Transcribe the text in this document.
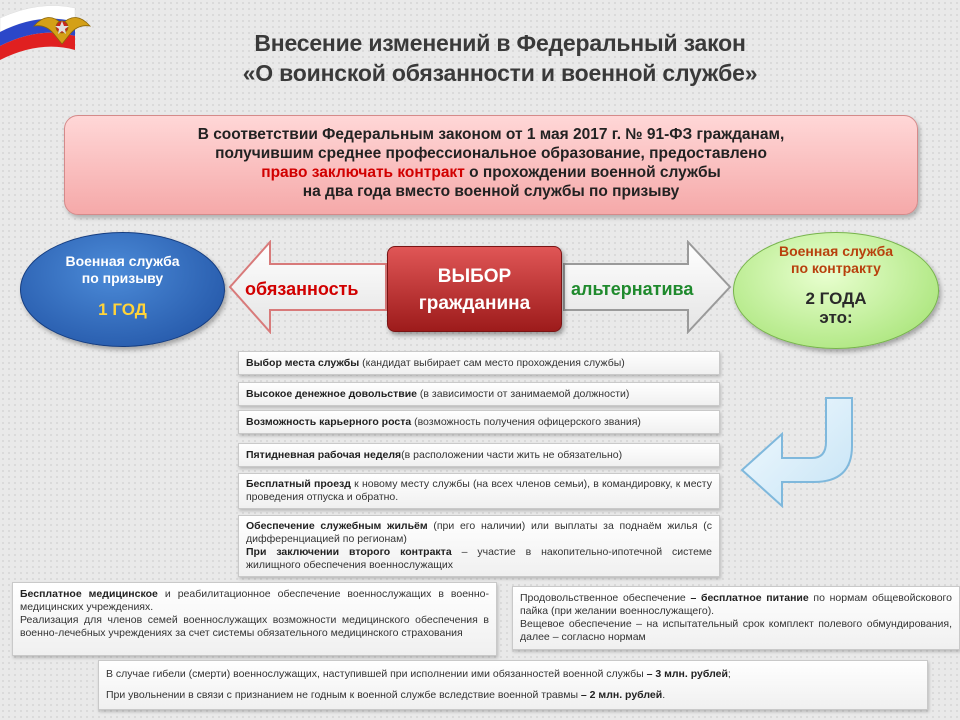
Внесение изменений в Федеральный закон
«О воинской обязанности и военной службе»
В соответствии Федеральным законом от 1 мая 2017 г. № 91-ФЗ гражданам,
получившим среднее профессиональное образование, предоставлено
право заключать контракт о прохождении военной службы
на два года вместо военной службы по призыву
обязанность	альтернатива
Военная служба
по призыву
1 ГОД
ВЫБОР
гражданина
Военная служба
по контракту
2 ГОДА
это:
Выбор места службы (кандидат выбирает сам место прохождения службы)
Высокое денежное довольствие (в зависимости от занимаемой должности)
Возможность карьерного роста (возможность получения офицерского звания)
Пятидневная рабочая неделя(в расположении части жить не обязательно)
Бесплатный проезд к новому месту службы (на всех членов семьи), в командировку, к месту проведения отпуска и обратно.

Обеспечение служебным жильём (при его наличии) или выплаты за поднаём жилья (с дифференциацией по регионам)

При заключении второго контракта – участие в накопительно-ипотечной системе жилищного обеспечения военнослужащих

Бесплатное медицинское и реабилитационное обеспечение военнослужащих в военно-медицинских учреждениях.

Реализация для членов семей военнослужащих возможности медицинского обеспечения в военно-лечебных учреждениях за счет системы обязательного медицинского страхования

Продовольственное обеспечение – бесплатное питание по нормам общевойскового пайка (при желании военнослужащего).

Вещевое обеспечение – на испытательный срок комплект полевого обмундирования, далее – согласно нормам

В случае гибели (смерти) военнослужащих, наступившей при исполнении ими обязанностей военной службы – 3 млн. рублей;

При увольнении в связи с признанием не годным к военной службе вследствие военной травмы – 2 млн. рублей.
